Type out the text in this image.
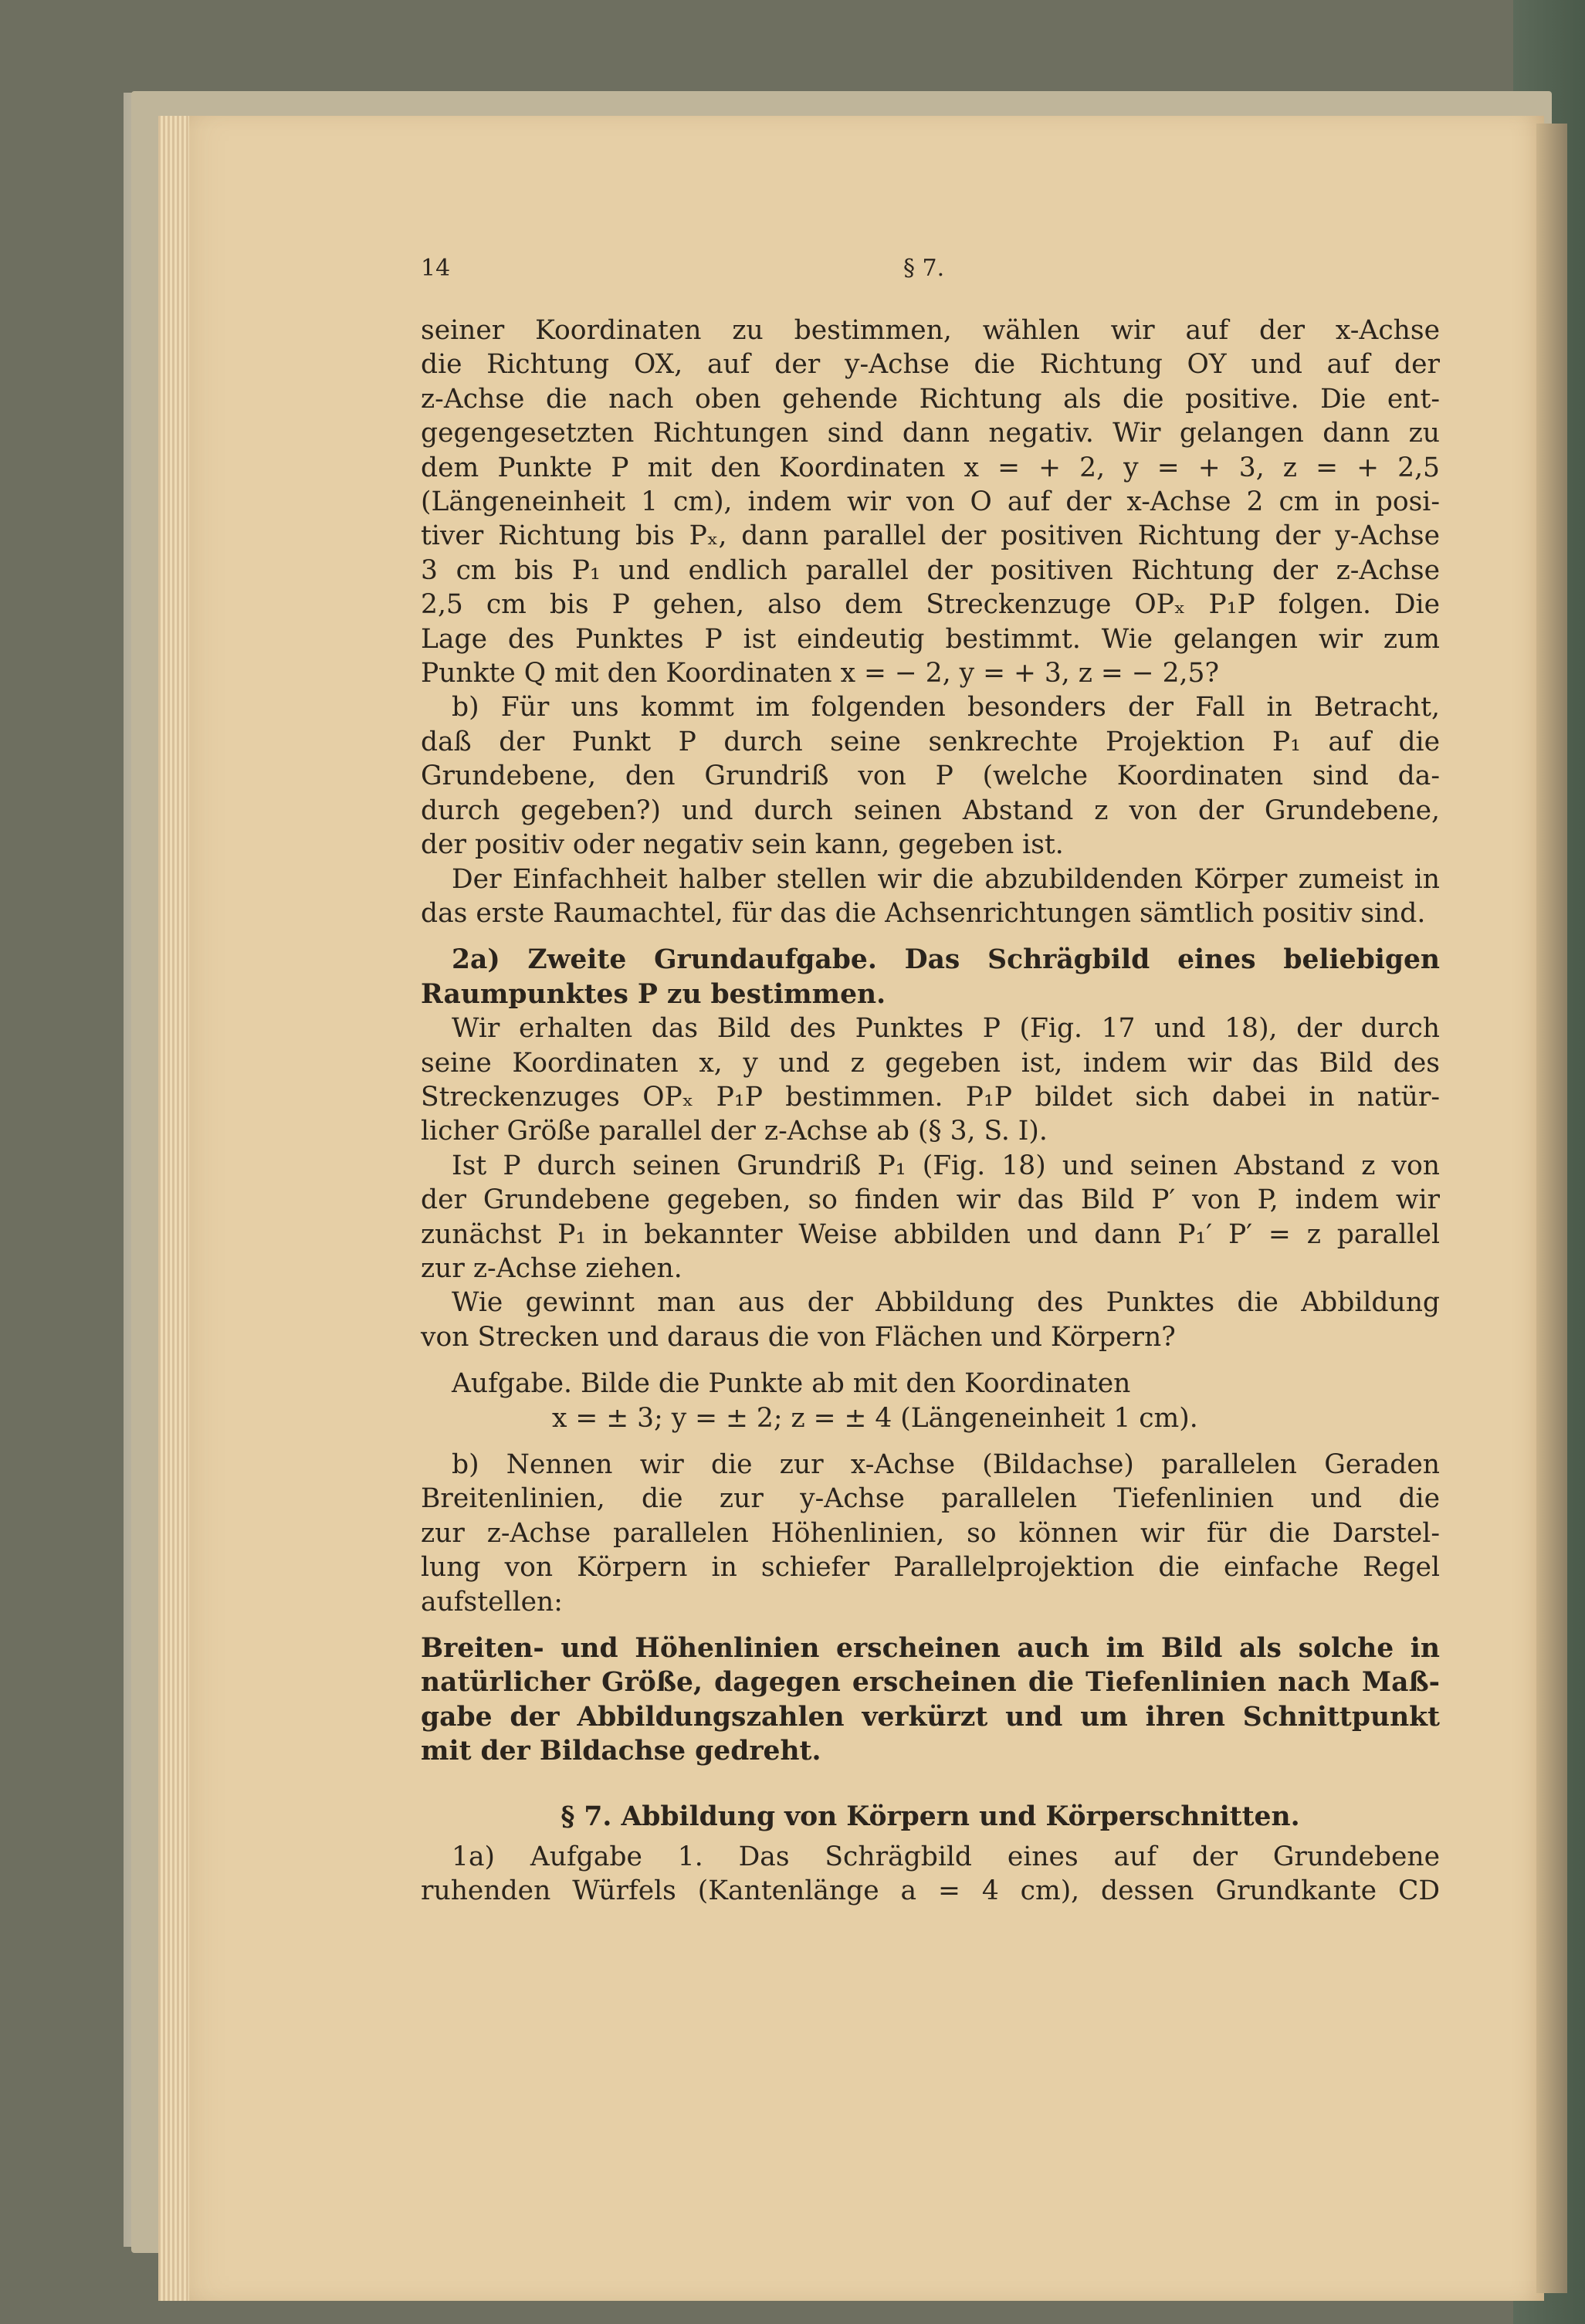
14	§ 7.

seiner Koordinaten zu bestimmen, wählen wir auf der x-Achse

die Richtung OX, auf der y-Achse die Richtung OY und auf der

z-Achse die nach oben gehende Richtung als die positive. Die ent-

gegengesetzten Richtungen sind dann negativ. Wir gelangen dann zu

dem Punkte P mit den Koordinaten x = + 2, y = + 3, z = + 2,5

(Längeneinheit 1 cm), indem wir von O auf der x-Achse 2 cm in posi-

tiver Richtung bis Pₓ, dann parallel der positiven Richtung der y-Achse

3 cm bis P₁ und endlich parallel der positiven Richtung der z-Achse

2,5 cm bis P gehen, also dem Streckenzuge OPₓ P₁P folgen. Die

Lage des Punktes P ist eindeutig bestimmt. Wie gelangen wir zum

Punkte Q mit den Koordinaten x = − 2, y = + 3, z = − 2,5?

b) Für uns kommt im folgenden besonders der Fall in Betracht,

daß der Punkt P durch seine senkrechte Projektion P₁ auf die

Grundebene, den Grundriß von P (welche Koordinaten sind da-

durch gegeben?) und durch seinen Abstand z von der Grundebene,

der positiv oder negativ sein kann, gegeben ist.

Der Einfachheit halber stellen wir die abzubildenden Körper zumeist in

das erste Raumachtel, für das die Achsenrichtungen sämtlich positiv sind.

2a) Zweite Grundaufgabe. Das Schrägbild eines beliebigen

Raumpunktes P zu bestimmen.

Wir erhalten das Bild des Punktes P (Fig. 17 und 18), der durch

seine Koordinaten x, y und z gegeben ist, indem wir das Bild des

Streckenzuges OPₓ P₁P bestimmen. P₁P bildet sich dabei in natür-

licher Größe parallel der z-Achse ab (§ 3, S. I).

Ist P durch seinen Grundriß P₁ (Fig. 18) und seinen Abstand z von

der Grundebene gegeben, so finden wir das Bild P′ von P, indem wir

zunächst P₁ in bekannter Weise abbilden und dann P₁′ P′ = z parallel

zur z-Achse ziehen.

Wie gewinnt man aus der Abbildung des Punktes die Abbildung

von Strecken und daraus die von Flächen und Körpern?

Aufgabe. Bilde die Punkte ab mit den Koordinaten

x = ± 3; y = ± 2; z = ± 4 (Längeneinheit 1 cm).

b) Nennen wir die zur x-Achse (Bildachse) parallelen Geraden

Breitenlinien, die zur y-Achse parallelen Tiefenlinien und die

zur z-Achse parallelen Höhenlinien, so können wir für die Darstel-

lung von Körpern in schiefer Parallelprojektion die einfache Regel

aufstellen:

Breiten- und Höhenlinien erscheinen auch im Bild als solche in

natürlicher Größe, dagegen erscheinen die Tiefenlinien nach Maß-

gabe der Abbildungszahlen verkürzt und um ihren Schnittpunkt

mit der Bildachse gedreht.

§ 7. Abbildung von Körpern und Körperschnitten.

1a) Aufgabe 1. Das Schrägbild eines auf der Grundebene

ruhenden Würfels (Kantenlänge a = 4 cm), dessen Grundkante CD
